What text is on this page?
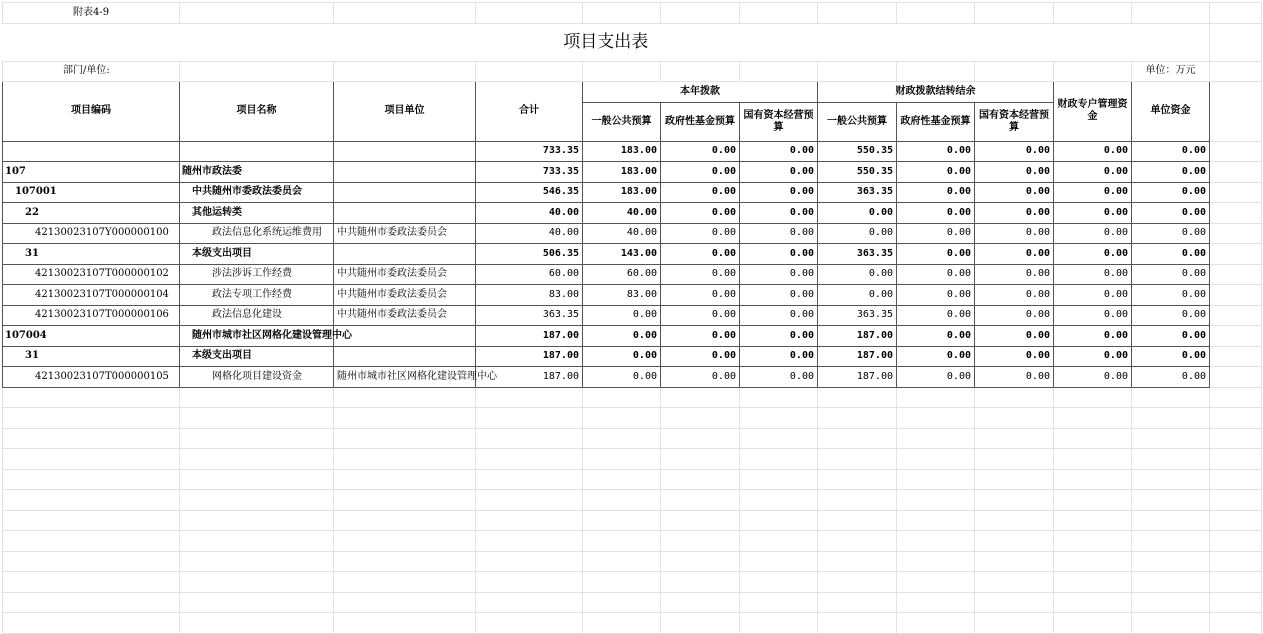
附表4-9												
项目支出表												
部门/单位:											单位：万元	
项目编码	项目名称	项目单位	合计	本年拨款			财政拨款结转结余			财政专户管理资金	单位资金	
				一般公共预算	政府性基金预算	国有资本经营预算	一般公共预算	政府性基金预算	国有资本经营预算			
			733.35	183.00	0.00	0.00	550.35	0.00	0.00	0.00	0.00	
107	随州市政法委		733.35	183.00	0.00	0.00	550.35	0.00	0.00	0.00	0.00	
107001	中共随州市委政法委员会		546.35	183.00	0.00	0.00	363.35	0.00	0.00	0.00	0.00	
22	其他运转类		40.00	40.00	0.00	0.00	0.00	0.00	0.00	0.00	0.00	
42130023107Y000000100	政法信息化系统运维费用	中共随州市委政法委员会	40.00	40.00	0.00	0.00	0.00	0.00	0.00	0.00	0.00	
31	本级支出项目		506.35	143.00	0.00	0.00	363.35	0.00	0.00	0.00	0.00	
42130023107T000000102	涉法涉诉工作经费	中共随州市委政法委员会	60.00	60.00	0.00	0.00	0.00	0.00	0.00	0.00	0.00	
42130023107T000000104	政法专项工作经费	中共随州市委政法委员会	83.00	83.00	0.00	0.00	0.00	0.00	0.00	0.00	0.00	
42130023107T000000106	政法信息化建设	中共随州市委政法委员会	363.35	0.00	0.00	0.00	363.35	0.00	0.00	0.00	0.00	
107004	随州市城市社区网格化建设管理中心		187.00	0.00	0.00	0.00	187.00	0.00	0.00	0.00	0.00	
31	本级支出项目		187.00	0.00	0.00	0.00	187.00	0.00	0.00	0.00	0.00	
42130023107T000000105	网格化项目建设资金	随州市城市社区网格化建设管理中心	187.00	0.00	0.00	0.00	187.00	0.00	0.00	0.00	0.00	
